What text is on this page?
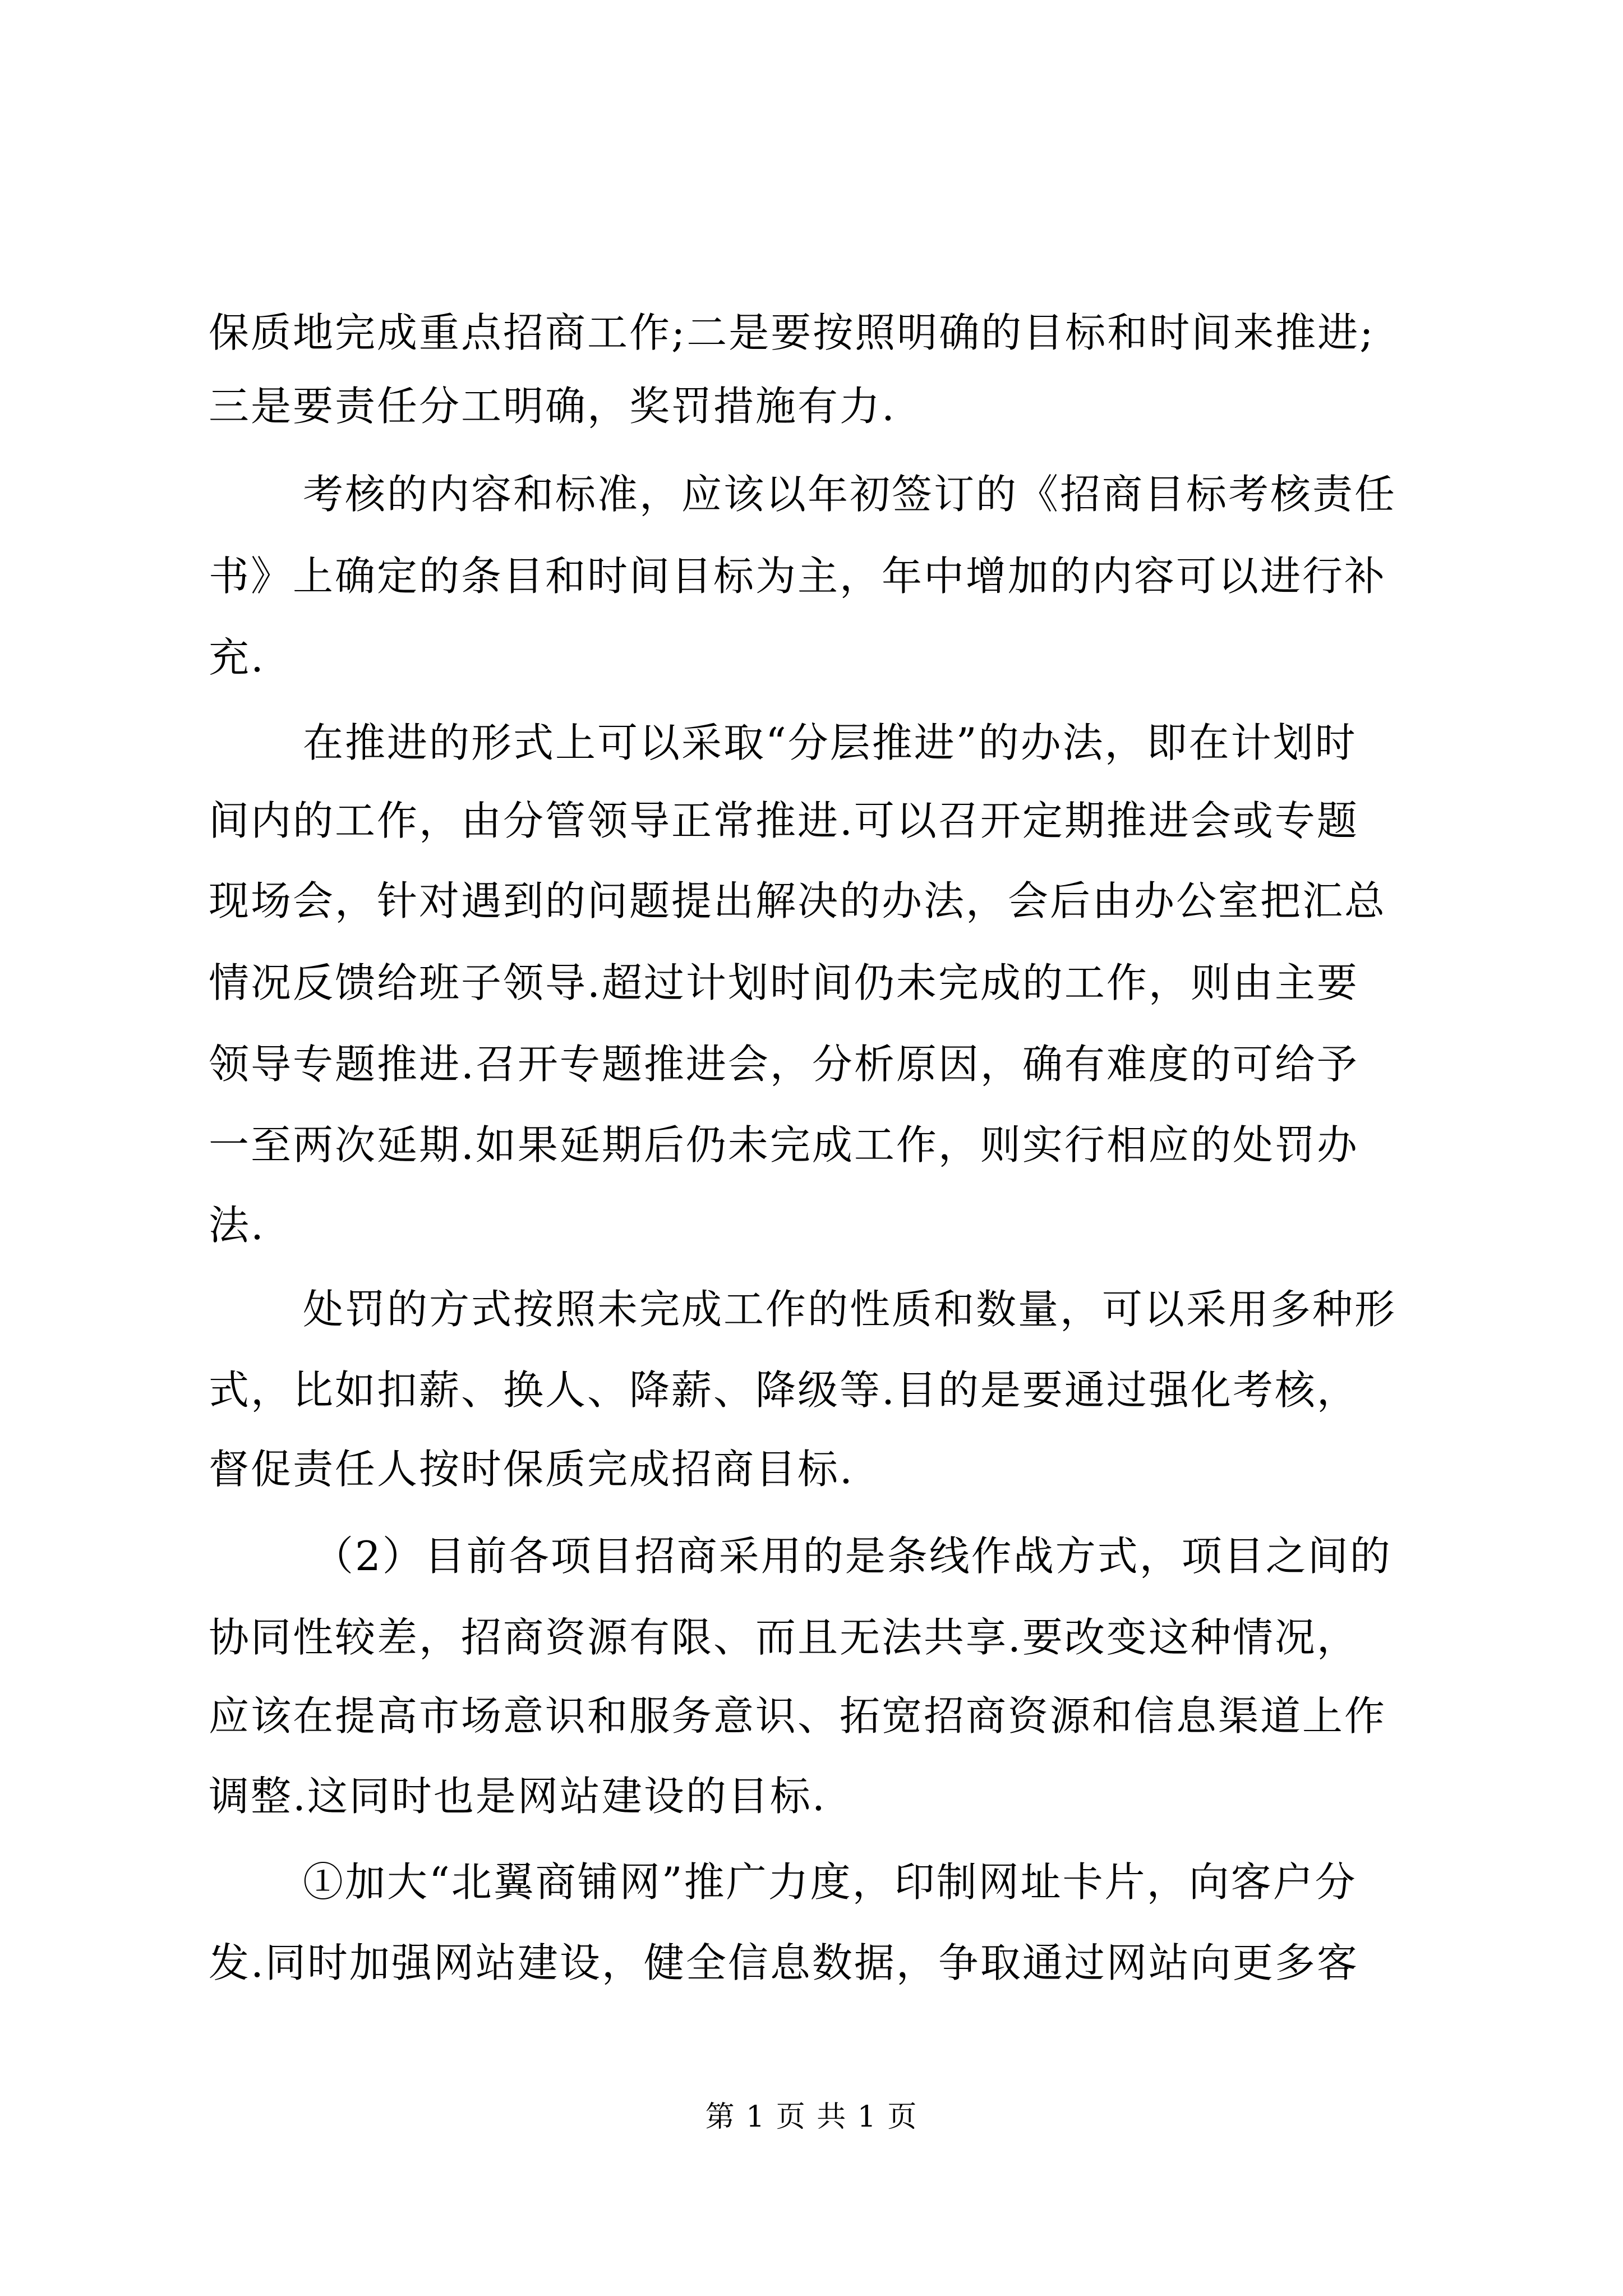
保质地完成重点招商工作;二是要按照明确的目标和时间来推进;

三是要责任分工明确，奖罚措施有力.

考核的内容和标准，应该以年初签订的《招商目标考核责任

书》上确定的条目和时间目标为主，年中增加的内容可以进行补

充.

在推进的形式上可以采取“分层推进”的办法，即在计划时

间内的工作，由分管领导正常推进.可以召开定期推进会或专题

现场会，针对遇到的问题提出解决的办法，会后由办公室把汇总

情况反馈给班子领导.超过计划时间仍未完成的工作，则由主要

领导专题推进.召开专题推进会，分析原因，确有难度的可给予

一至两次延期.如果延期后仍未完成工作，则实行相应的处罚办

法.

处罚的方式按照未完成工作的性质和数量，可以采用多种形

式，比如扣薪、换人、降薪、降级等.目的是要通过强化考核，

督促责任人按时保质完成招商目标.

（2）目前各项目招商采用的是条线作战方式，项目之间的

协同性较差，招商资源有限、而且无法共享.要改变这种情况，

应该在提高市场意识和服务意识、拓宽招商资源和信息渠道上作

调整.这同时也是网站建设的目标.

①加大“北翼商铺网”推广力度，印制网址卡片，向客户分

发.同时加强网站建设，健全信息数据，争取通过网站向更多客

第 1 页 共 1 页
